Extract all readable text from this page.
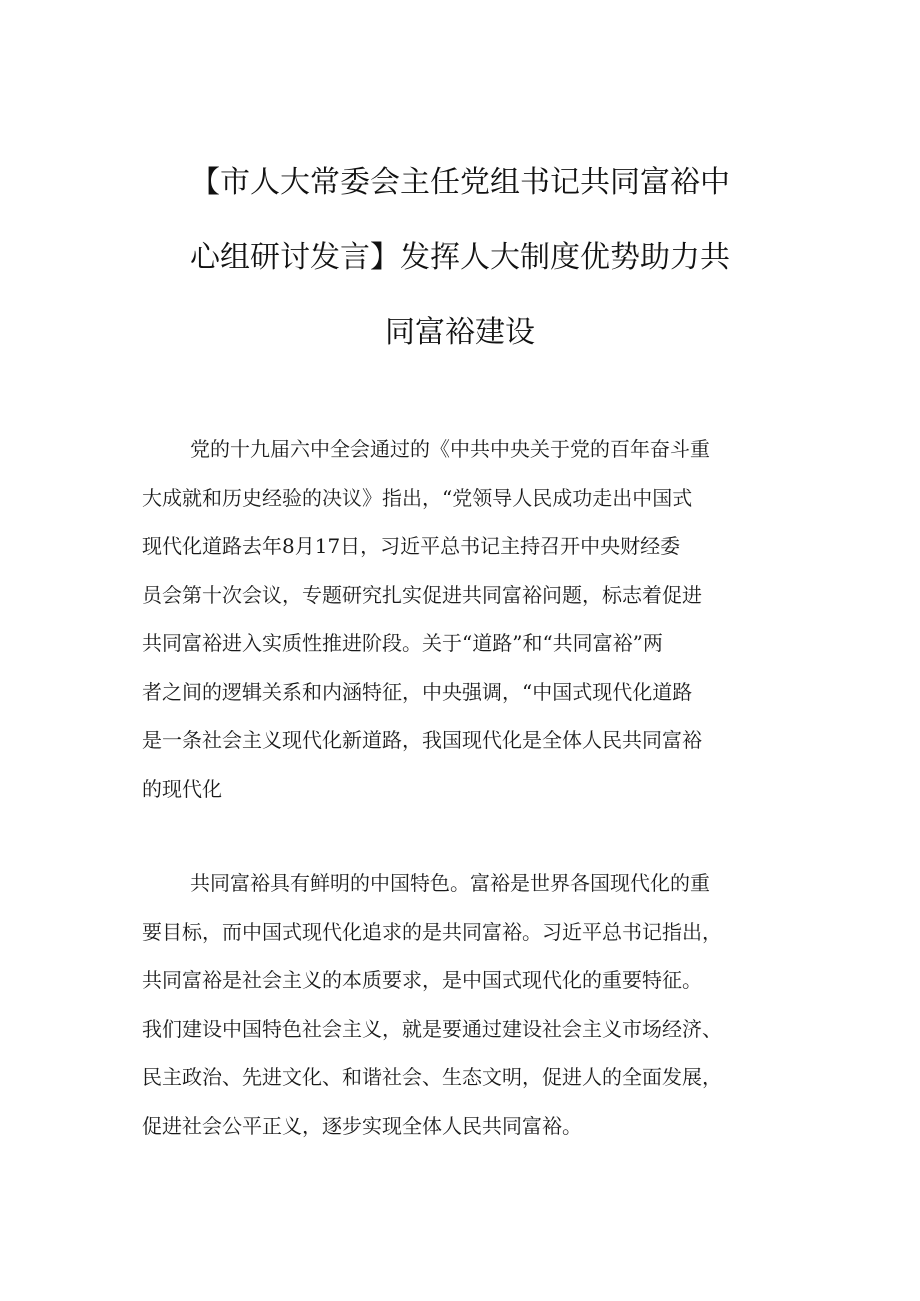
【市人大常委会主任党组书记共同富裕中
心组研讨发言】发挥人大制度优势助力共
同富裕建设
党的十九届六中全会通过的《中共中央关于党的百年奋斗重
大成就和历史经验的决议》指出，“党领导人民成功走出中国式
现代化道路去年8月17日，习近平总书记主持召开中央财经委
员会第十次会议，专题研究扎实促进共同富裕问题，标志着促进
共同富裕进入实质性推进阶段。关于“道路”和“共同富裕”两
者之间的逻辑关系和内涵特征，中央强调，“中国式现代化道路
是一条社会主义现代化新道路，我国现代化是全体人民共同富裕
的现代化
共同富裕具有鲜明的中国特色。富裕是世界各国现代化的重
要目标，而中国式现代化追求的是共同富裕。习近平总书记指出，
共同富裕是社会主义的本质要求，是中国式现代化的重要特征。
我们建设中国特色社会主义，就是要通过建设社会主义市场经济、
民主政治、先进文化、和谐社会、生态文明，促进人的全面发展，
促进社会公平正义，逐步实现全体人民共同富裕。
